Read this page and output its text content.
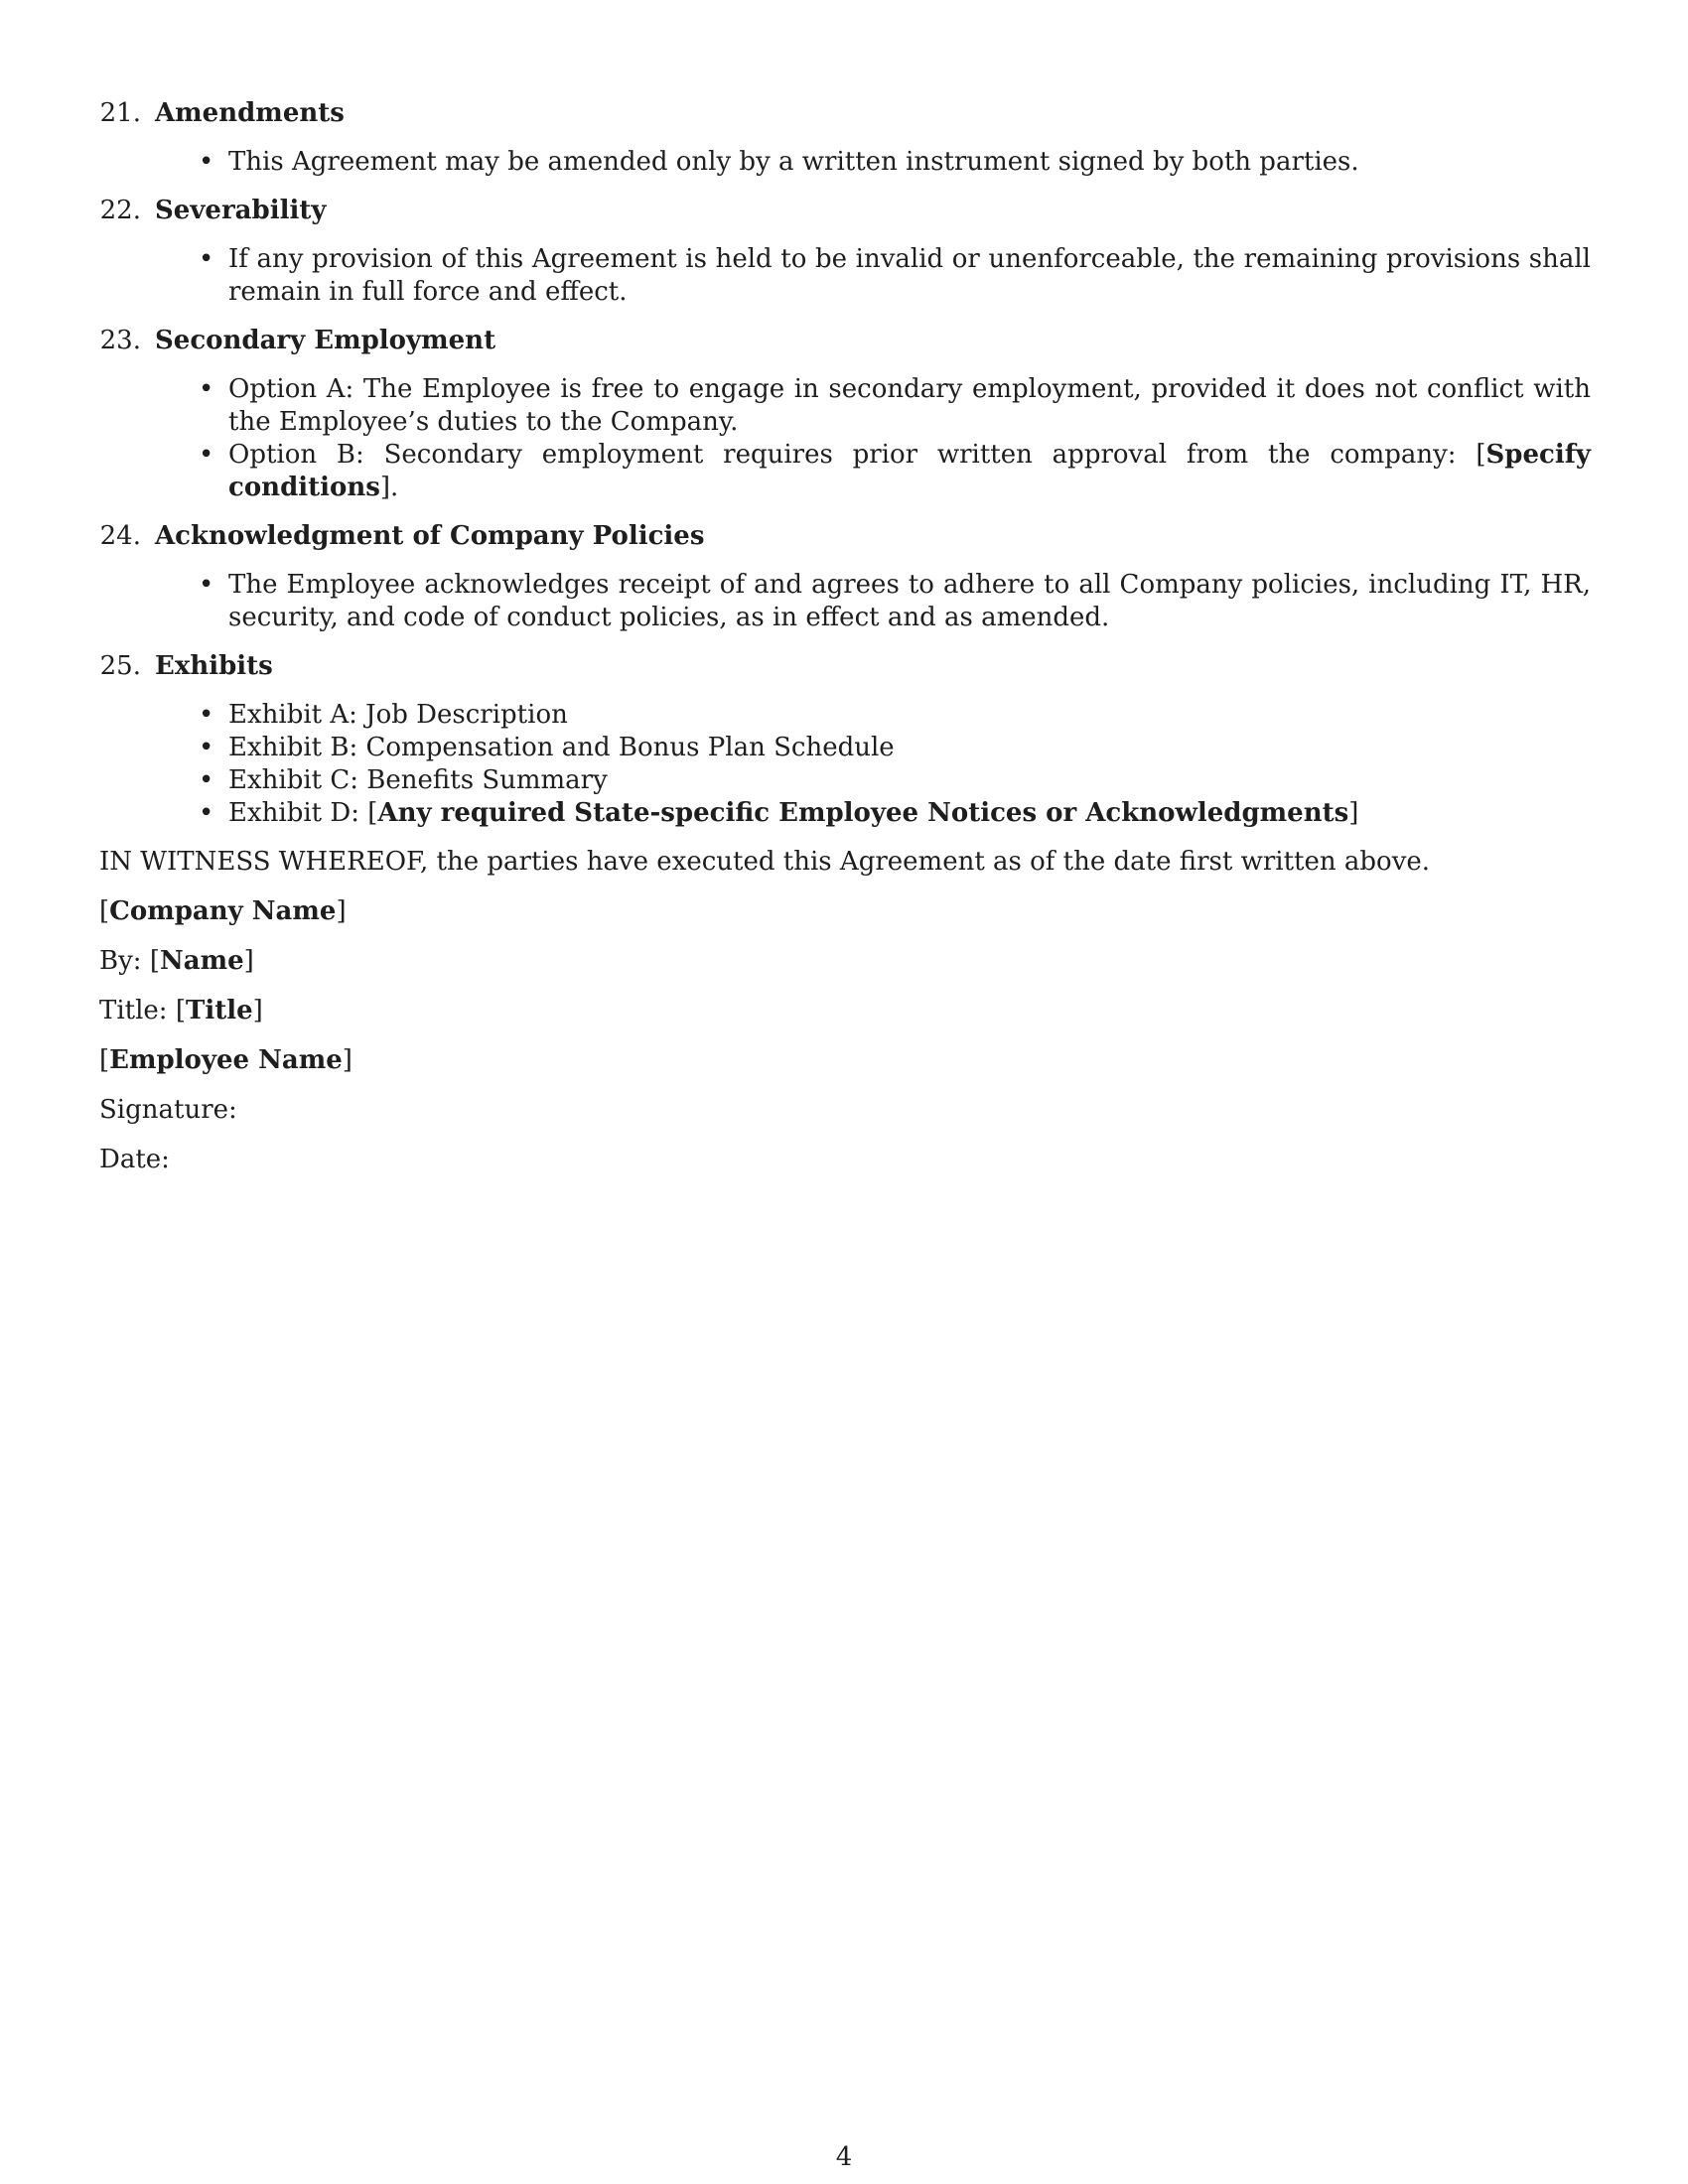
21. Amendments
• This Agreement may be amended only by a written instrument signed by both parties.
22. Severability
• If any provision of this Agreement is held to be invalid or unenforceable, the remaining provisions shall remain in full force and effect.
23. Secondary Employment
• Option A: The Employee is free to engage in secondary employment, provided it does not conflict with the Employee’s duties to the Company.
• Option B: Secondary employment requires prior written approval from the company: [Specify conditions].
24. Acknowledgment of Company Policies
• The Employee acknowledges receipt of and agrees to adhere to all Company policies, including IT, HR, security, and code of conduct policies, as in effect and as amended.
25. Exhibits
• Exhibit A: Job Description
• Exhibit B: Compensation and Bonus Plan Schedule
• Exhibit C: Benefits Summary
• Exhibit D: [Any required State-specific Employee Notices or Acknowledgments]

IN WITNESS WHEREOF, the parties have executed this Agreement as of the date first written above.

[Company Name]

By: [Name]

Title: [Title]

[Employee Name]

Signature:

Date:

4
